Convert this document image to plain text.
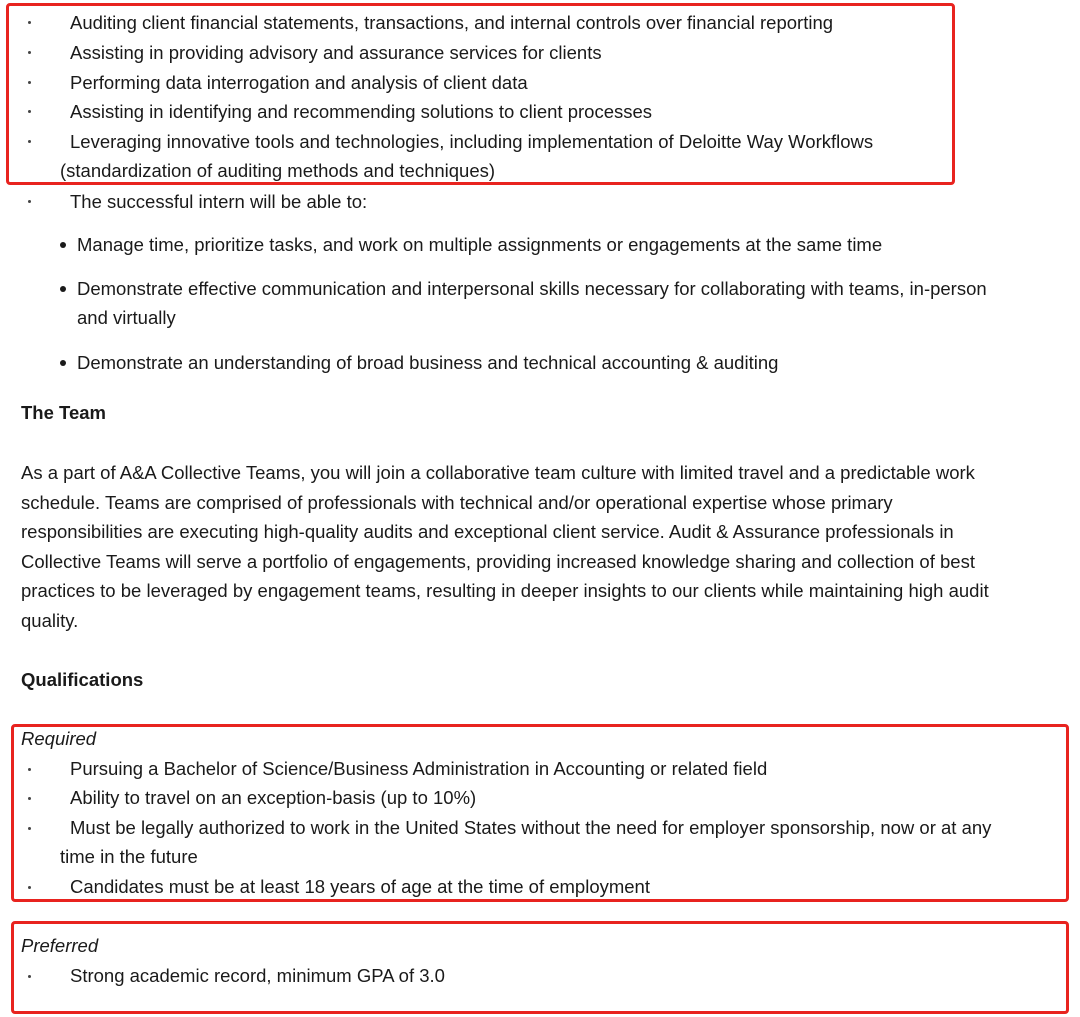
Auditing client financial statements, transactions, and internal controls over financial reporting
Assisting in providing advisory and assurance services for clients
Performing data interrogation and analysis of client data
Assisting in identifying and recommending solutions to client processes
Leveraging innovative tools and technologies, including implementation of Deloitte Way Workflows
(standardization of auditing methods and techniques)
The successful intern will be able to:
Manage time, prioritize tasks, and work on multiple assignments or engagements at the same time
Demonstrate effective communication and interpersonal skills necessary for collaborating with teams, in-person
and virtually
Demonstrate an understanding of broad business and technical accounting & auditing
The Team
As a part of A&A Collective Teams, you will join a collaborative team culture with limited travel and a predictable work
schedule. Teams are comprised of professionals with technical and/or operational expertise whose primary
responsibilities are executing high-quality audits and exceptional client service. Audit & Assurance professionals in
Collective Teams will serve a portfolio of engagements, providing increased knowledge sharing and collection of best
practices to be leveraged by engagement teams, resulting in deeper insights to our clients while maintaining high audit
quality.
Qualifications
Required
Pursuing a Bachelor of Science/Business Administration in Accounting or related field
Ability to travel on an exception-basis (up to 10%)
Must be legally authorized to work in the United States without the need for employer sponsorship, now or at any
time in the future
Candidates must be at least 18 years of age at the time of employment
Preferred
Strong academic record, minimum GPA of 3.0
